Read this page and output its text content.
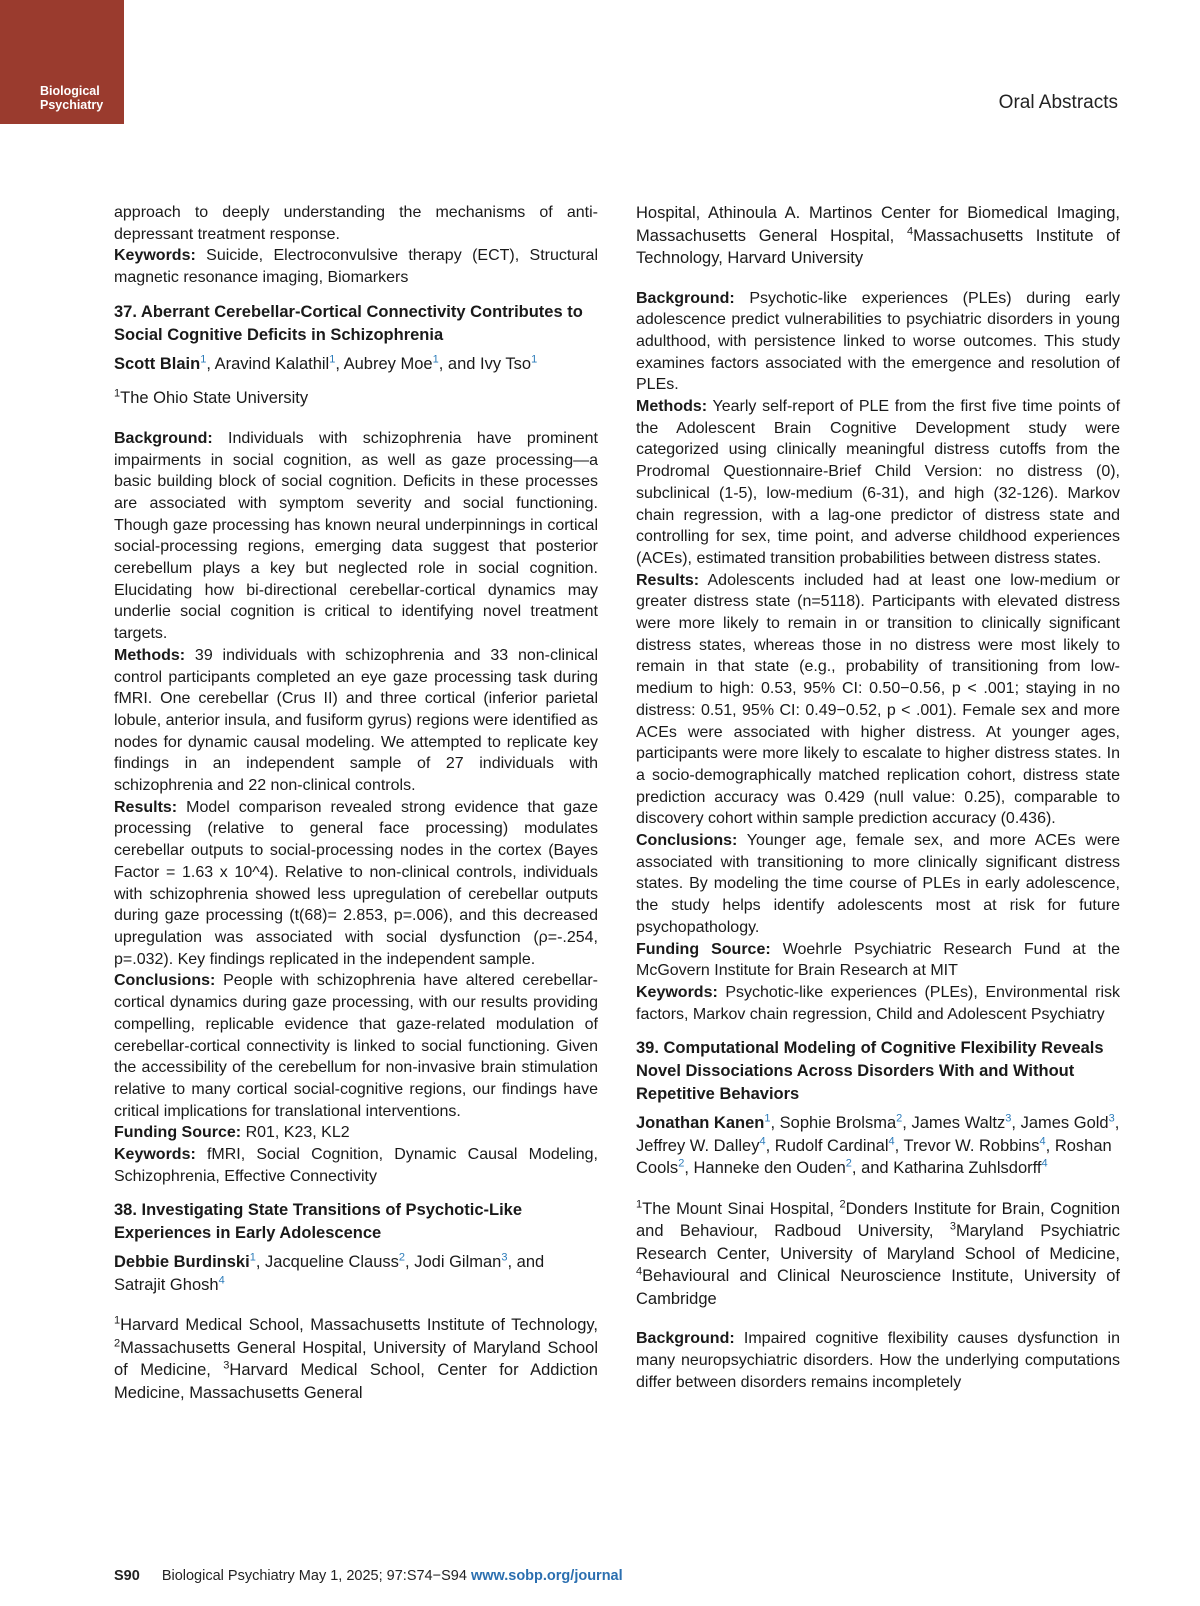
Biological
Psychiatry	Oral Abstracts

approach to deeply understanding the mechanisms of anti-depressant treatment response.

Keywords: Suicide, Electroconvulsive therapy (ECT), Structural magnetic resonance imaging, Biomarkers

37. Aberrant Cerebellar-Cortical Connectivity Contributes to Social Cognitive Deficits in Schizophrenia

Scott Blain$^1$, Aravind Kalathil$^1$, Aubrey Moe$^1$, and Ivy Tso$^1$

$^1$The Ohio State University

Background: Individuals with schizophrenia have prominent impairments in social cognition, as well as gaze processing—a basic building block of social cognition. Deficits in these processes are associated with symptom severity and social functioning. Though gaze processing has known neural underpinnings in cortical social-processing regions, emerging data suggest that posterior cerebellum plays a key but neglected role in social cognition. Elucidating how bi-directional cerebellar-cortical dynamics may underlie social cognition is critical to identifying novel treatment targets.

Methods: 39 individuals with schizophrenia and 33 non-clinical control participants completed an eye gaze processing task during fMRI. One cerebellar (Crus II) and three cortical (inferior parietal lobule, anterior insula, and fusiform gyrus) regions were identified as nodes for dynamic causal modeling. We attempted to replicate key findings in an independent sample of 27 individuals with schizophrenia and 22 non-clinical controls.

Results: Model comparison revealed strong evidence that gaze processing (relative to general face processing) modulates cerebellar outputs to social-processing nodes in the cortex (Bayes Factor = 1.63 x 10^4). Relative to non-clinical controls, individuals with schizophrenia showed less upregulation of cerebellar outputs during gaze processing (t(68)= 2.853, p=.006), and this decreased upregulation was associated with social dysfunction (ρ=-.254, p=.032). Key findings replicated in the independent sample.

Conclusions: People with schizophrenia have altered cerebellar-cortical dynamics during gaze processing, with our results providing compelling, replicable evidence that gaze-related modulation of cerebellar-cortical connectivity is linked to social functioning. Given the accessibility of the cerebellum for non-invasive brain stimulation relative to many cortical social-cognitive regions, our findings have critical implications for translational interventions.

Funding Source: R01, K23, KL2

Keywords: fMRI, Social Cognition, Dynamic Causal Modeling, Schizophrenia, Effective Connectivity

38. Investigating State Transitions of Psychotic-Like Experiences in Early Adolescence

Debbie Burdinski$^1$, Jacqueline Clauss$^2$, Jodi Gilman$^3$, and Satrajit Ghosh$^4$

$^1$Harvard Medical School, Massachusetts Institute of Technology, $^2$Massachusetts General Hospital, University of Maryland School of Medicine, $^3$Harvard Medical School, Center for Addiction Medicine, Massachusetts General

Hospital, Athinoula A. Martinos Center for Biomedical Imaging, Massachusetts General Hospital, $^4$Massachusetts Institute of Technology, Harvard University

Background: Psychotic-like experiences (PLEs) during early adolescence predict vulnerabilities to psychiatric disorders in young adulthood, with persistence linked to worse outcomes. This study examines factors associated with the emergence and resolution of PLEs.

Methods: Yearly self-report of PLE from the first five time points of the Adolescent Brain Cognitive Development study were categorized using clinically meaningful distress cutoffs from the Prodromal Questionnaire-Brief Child Version: no distress (0), subclinical (1-5), low-medium (6-31), and high (32-126). Markov chain regression, with a lag-one predictor of distress state and controlling for sex, time point, and adverse childhood experiences (ACEs), estimated transition probabilities between distress states.

Results: Adolescents included had at least one low-medium or greater distress state (n=5118). Participants with elevated distress were more likely to remain in or transition to clinically significant distress states, whereas those in no distress were most likely to remain in that state (e.g., probability of transitioning from low-medium to high: 0.53, 95% CI: 0.50−0.56, p < .001; staying in no distress: 0.51, 95% CI: 0.49−0.52, p < .001). Female sex and more ACEs were associated with higher distress. At younger ages, participants were more likely to escalate to higher distress states. In a socio-demographically matched replication cohort, distress state prediction accuracy was 0.429 (null value: 0.25), comparable to discovery cohort within sample prediction accuracy (0.436).

Conclusions: Younger age, female sex, and more ACEs were associated with transitioning to more clinically significant distress states. By modeling the time course of PLEs in early adolescence, the study helps identify adolescents most at risk for future psychopathology.

Funding Source: Woehrle Psychiatric Research Fund at the McGovern Institute for Brain Research at MIT

Keywords: Psychotic-like experiences (PLEs), Environmental risk factors, Markov chain regression, Child and Adolescent Psychiatry

39. Computational Modeling of Cognitive Flexibility Reveals Novel Dissociations Across Disorders With and Without Repetitive Behaviors

Jonathan Kanen$^1$, Sophie Brolsma$^2$, James Waltz$^3$, James Gold$^3$, Jeffrey W. Dalley$^4$, Rudolf Cardinal$^4$, Trevor W. Robbins$^4$, Roshan Cools$^2$, Hanneke den Ouden$^2$, and Katharina Zuhlsdorff$^4$

$^1$The Mount Sinai Hospital, $^2$Donders Institute for Brain, Cognition and Behaviour, Radboud University, $^3$Maryland Psychiatric Research Center, University of Maryland School of Medicine, $^4$Behavioural and Clinical Neuroscience Institute, University of Cambridge

Background: Impaired cognitive flexibility causes dysfunction in many neuropsychiatric disorders. How the underlying computations differ between disorders remains incompletely

S90 Biological Psychiatry May 1, 2025; 97:S74−S94 www.sobp.org/journal
